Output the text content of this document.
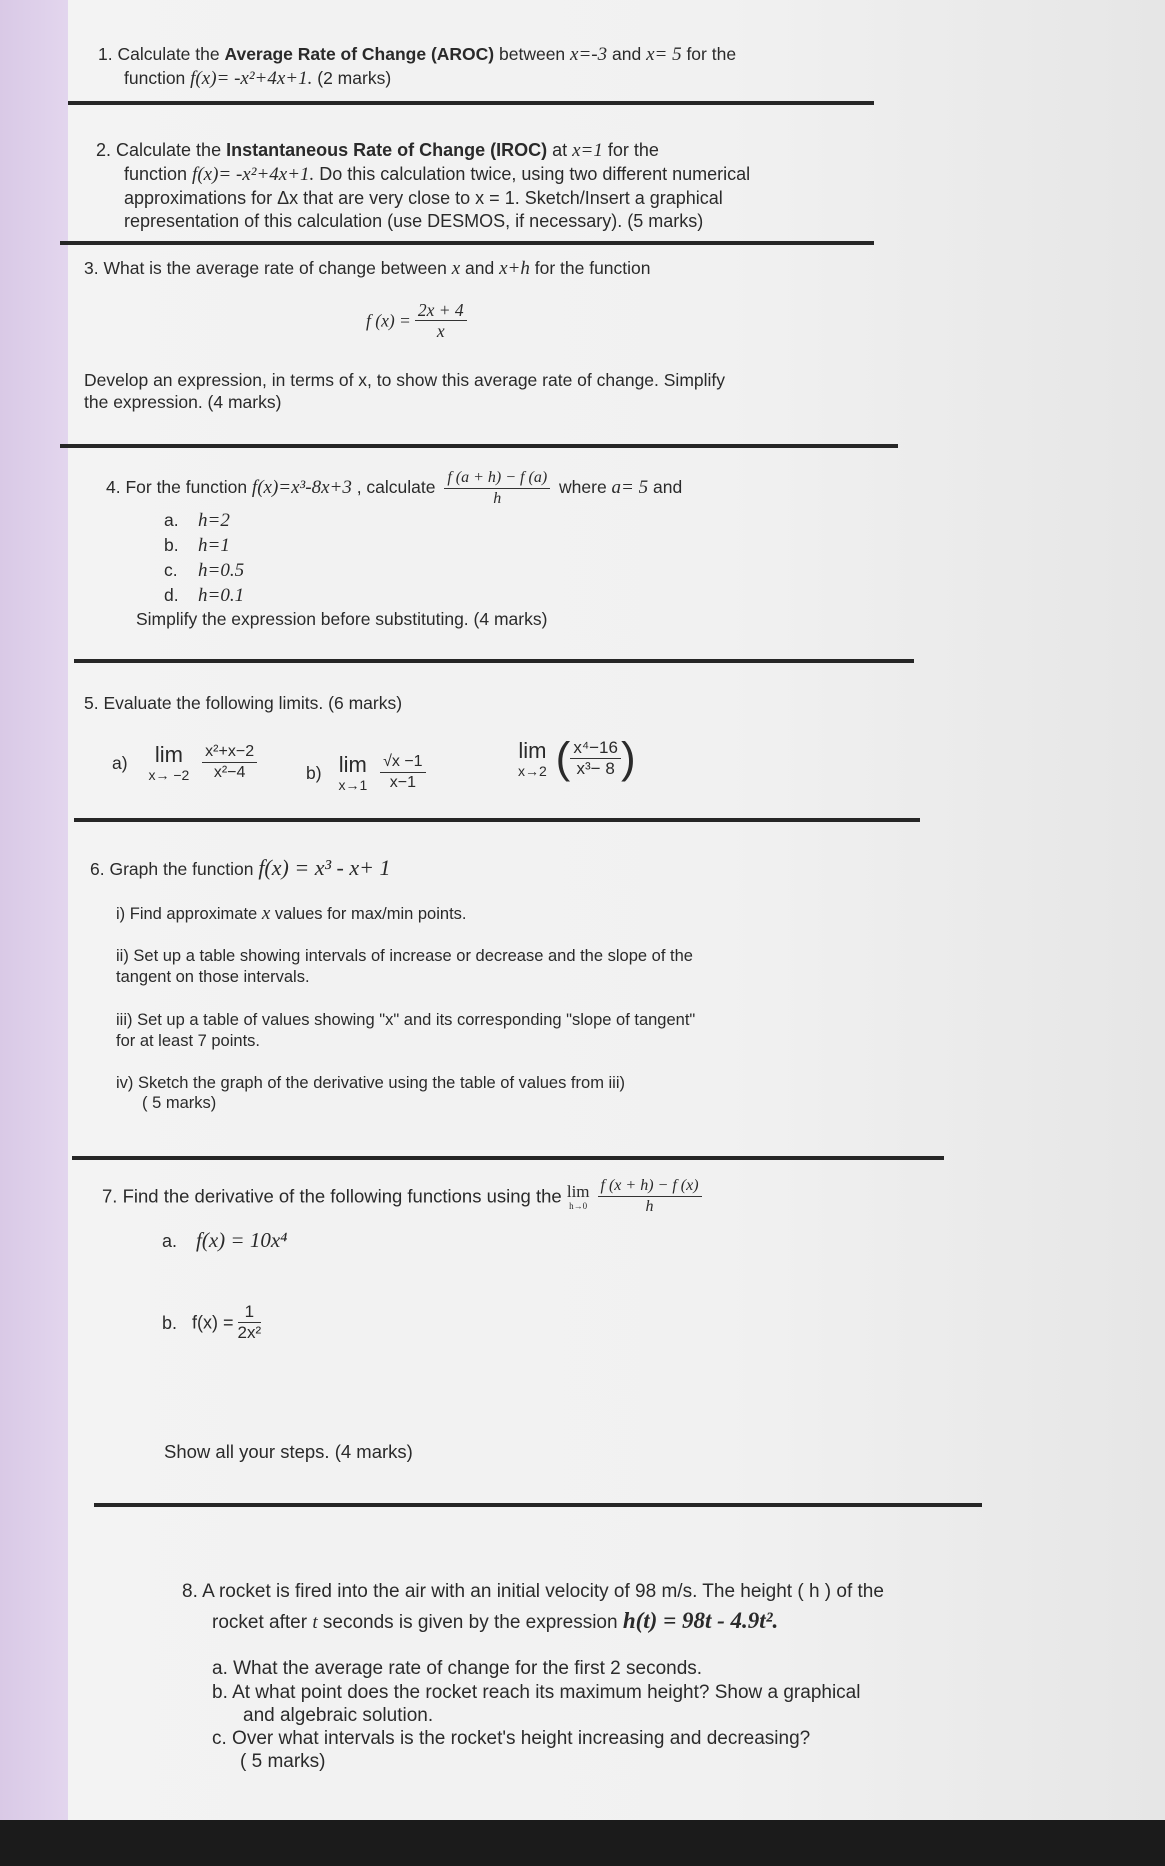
1. Calculate the Average Rate of Change (AROC) between x=-3 and x= 5 for the
function f(x)= -x²+4x+1. (2 marks)
2. Calculate the Instantaneous Rate of Change (IROC) at x=1 for the
function f(x)= -x²+4x+1. Do this calculation twice, using two different numerical
approximations for Δx that are very close to x = 1. Sketch/Insert a graphical
representation of this calculation (use DESMOS, if necessary). (5 marks)
3. What is the average rate of change between x and x+h for the function
f $(x) = \frac{2x + 4}{x}$
Develop an expression, in terms of x, to show this average rate of change. Simplify
the expression. (4 marks)
4. For the function f(x)=x³-8x+3 , calculate $\frac{f (a + h) - f (a)}{h}$ where a= 5 and
a. h=2
b. h=1
c. h=0.5
d. h=0.1
Simplify the expression before substituting. (4 marks)
5. Evaluate the following limits. (6 marks)
a) lim
x→ −2
$\frac{\text{x²+x−2}}{\text{x²−4}}$	b) lim
x→1
$\frac{√x -1}{x-1}$
lim
x→2 ( $\frac{\text{x⁴−16}}{\text{x³− 8}}$ )
6. Graph the function f(x) = x³ - x+ 1
i) Find approximate x values for max/min points.
ii) Set up a table showing intervals of increase or decrease and the slope of the
tangent on those intervals.
iii) Set up a table of values showing "x" and its corresponding "slope of tangent"
for at least 7 points.
iv) Sketch the graph of the derivative using the table of values from iii)
( 5 marks)
7. Find the derivative of the following functions using the lim
$h\to 0 \frac{f (x + h) - f (x)}{h}$
a. f(x) = 10x⁴
b. $f(x) = \frac{1}{\text{2x²}}$
Show all your steps. (4 marks)
8. A rocket is fired into the air with an initial velocity of 98 m/s. The height ( h ) of the
rocket after t seconds is given by the expression h(t) = 98t - 4.9t².
a. What the average rate of change for the first 2 seconds.
b. At what point does the rocket reach its maximum height? Show a graphical
and algebraic solution.
c. Over what intervals is the rocket's height increasing and decreasing?
( 5 marks)
